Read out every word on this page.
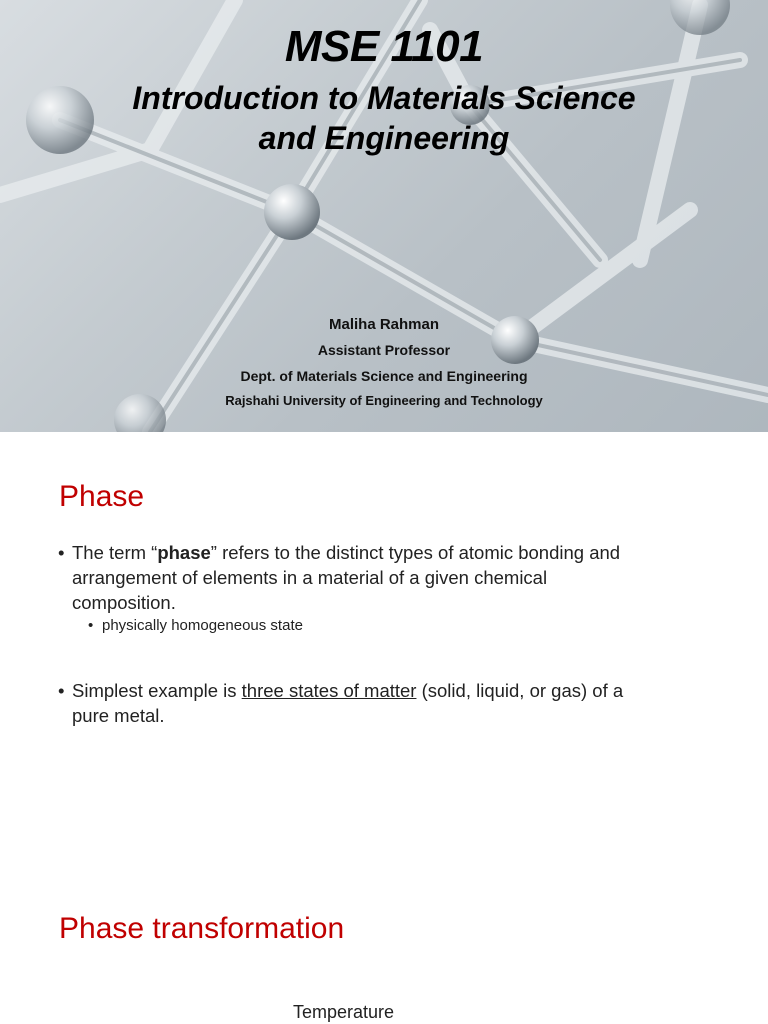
MSE 1101
Introduction to Materials Science
and Engineering
Maliha Rahman
Assistant Professor
Dept. of Materials Science and Engineering
Rajshahi University of Engineering and Technology
Phase
• The term “phase” refers to the distinct types of atomic bonding and
arrangement of elements in a material of a given chemical
composition.
• physically homogeneous state
• Simplest example is three states of matter (solid, liquid, or gas) of a
pure metal.
Phase transformation
Temperature
